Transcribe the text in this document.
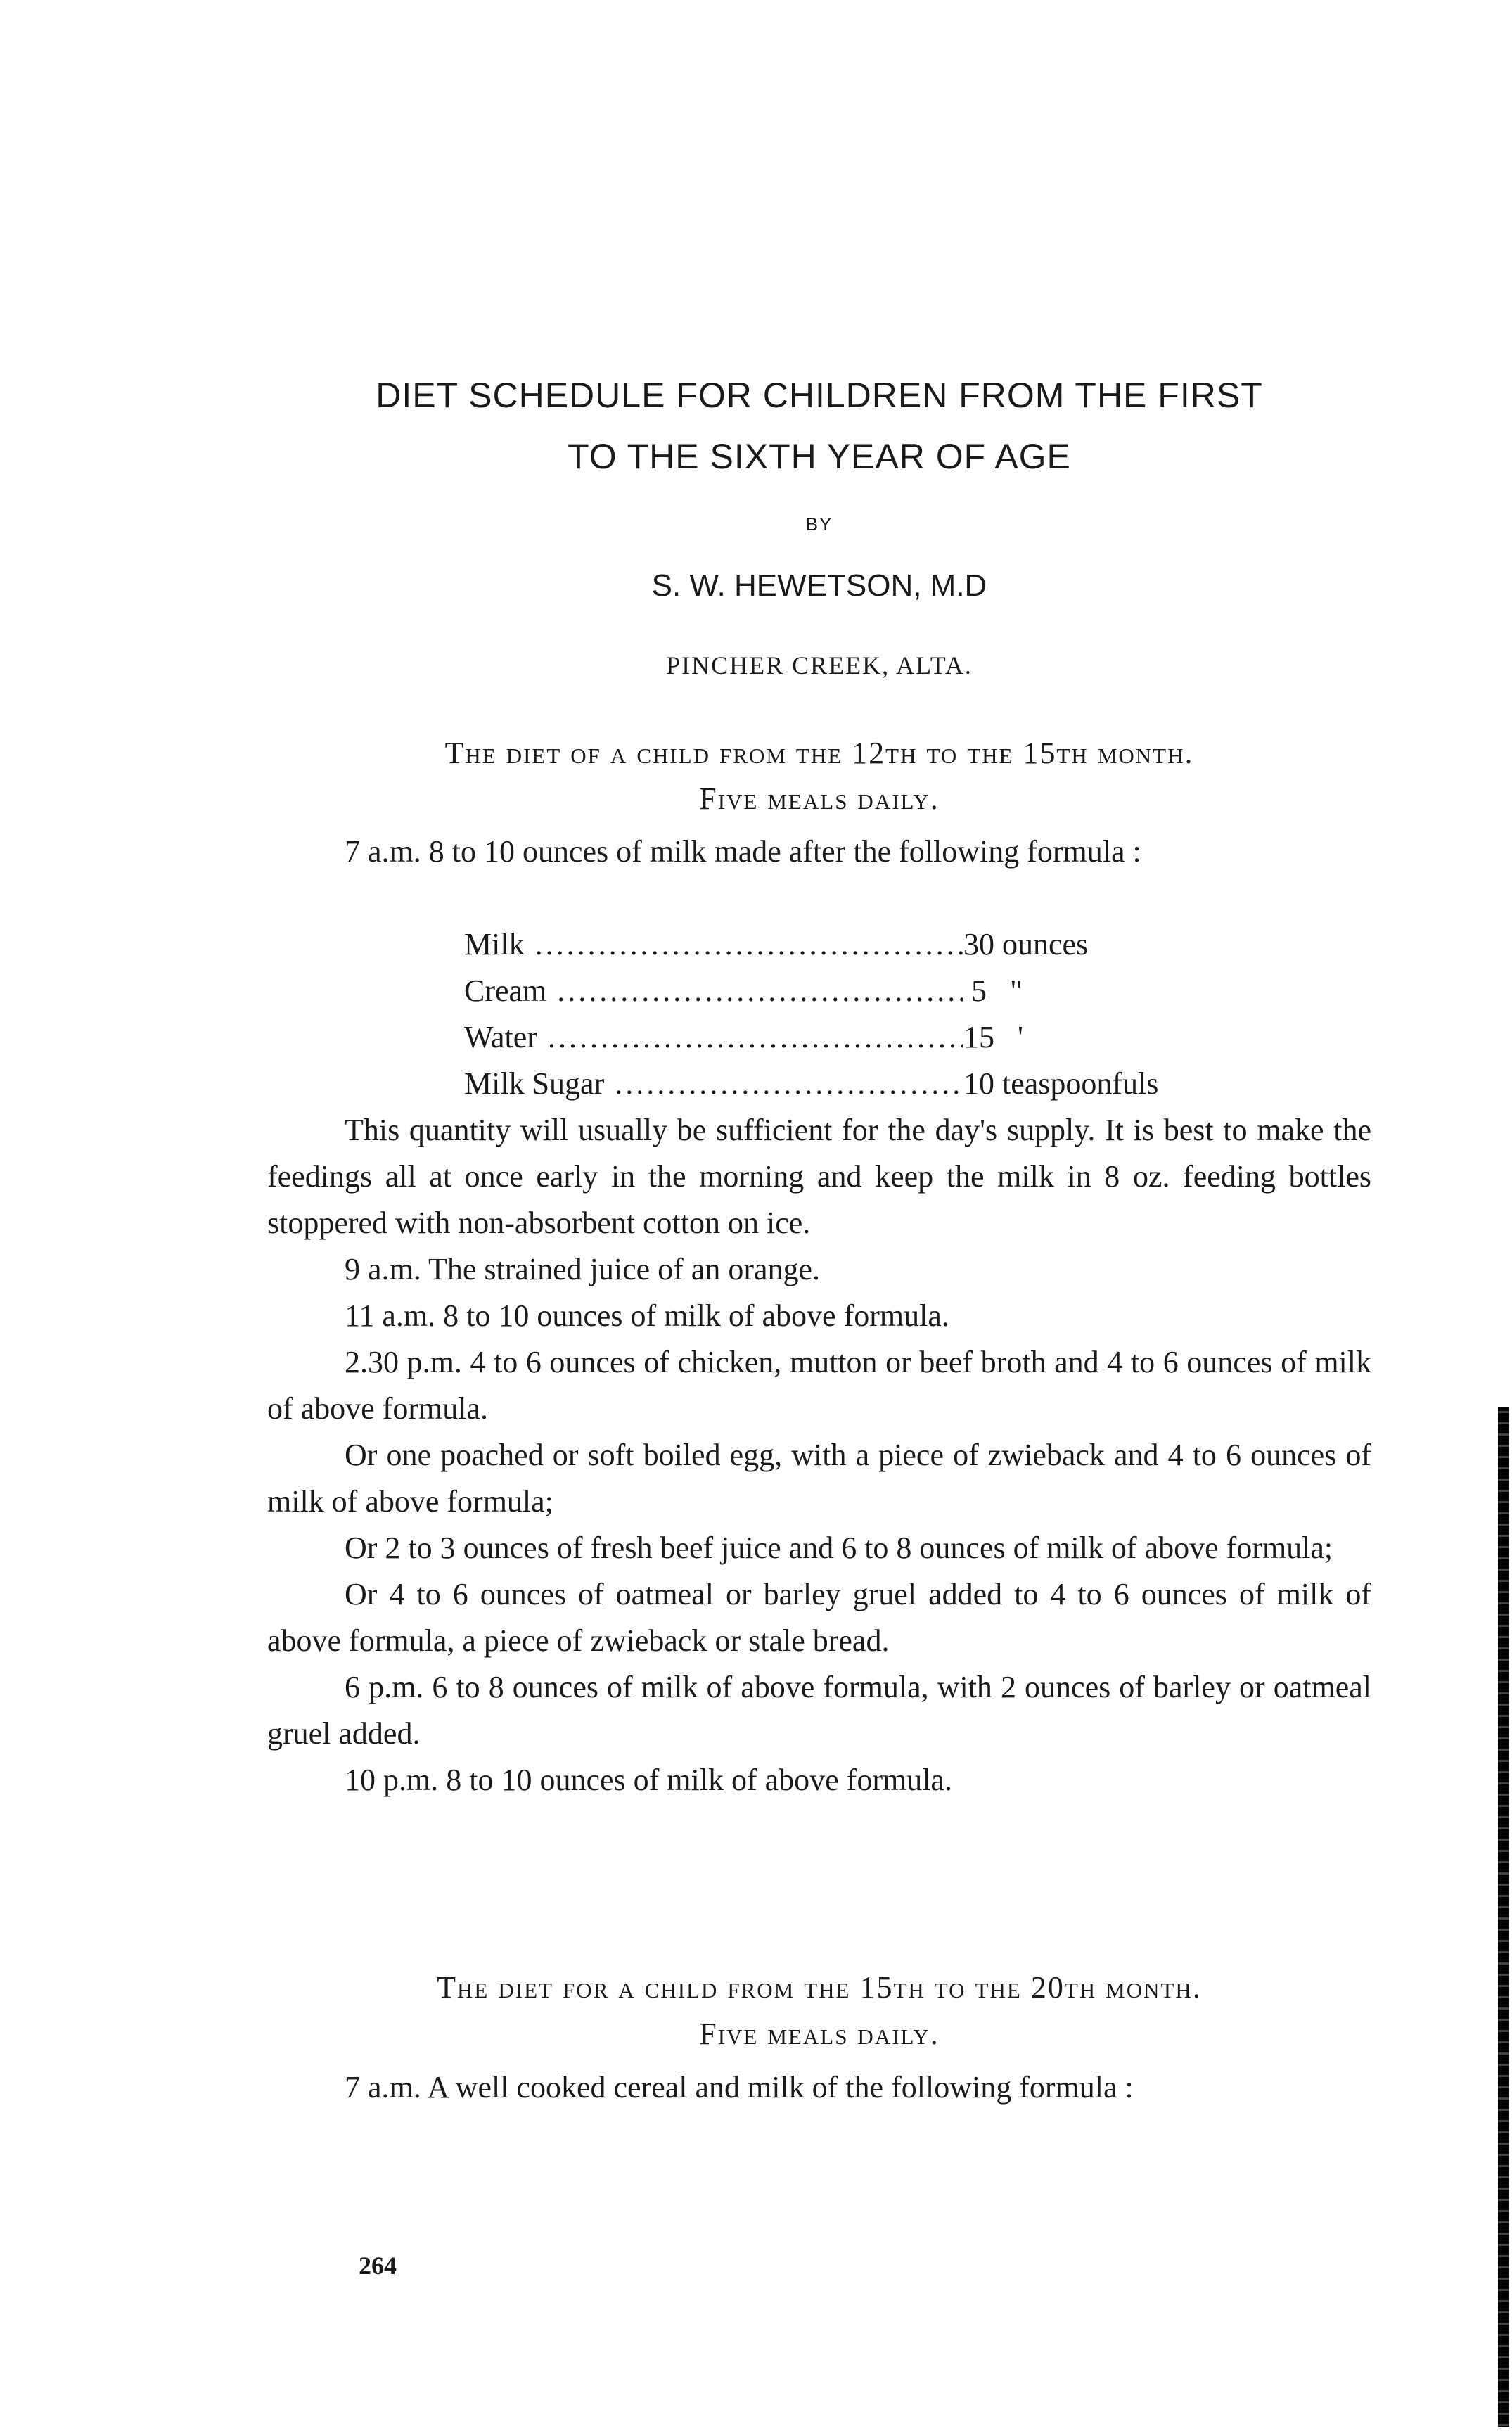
DIET SCHEDULE FOR CHILDREN FROM THE FIRST
TO THE SIXTH YEAR OF AGE
BY
S. W. HEWETSON, M.D
PINCHER CREEK, ALTA.
The diet of a child from the 12th to the 15th month.
Five meals daily.

7 a.m. 8 to 10 ounces of milk made after the following formula :

Milk .....	30 ounces
Cream .....	5   "
Water .....	15   '
Milk Sugar .....	10 teaspoonfuls

This quantity will usually be sufficient for the day's supply. It is best to make the feedings all at once early in the morning and keep the milk in 8 oz. feeding bottles stoppered with non-absorbent cotton on ice.

9 a.m. The strained juice of an orange.

11 a.m. 8 to 10 ounces of milk of above formula.

2.30 p.m. 4 to 6 ounces of chicken, mutton or beef broth and 4 to 6 ounces of milk of above formula.

Or one poached or soft boiled egg, with a piece of zwieback and 4 to 6 ounces of milk of above formula;

Or 2 to 3 ounces of fresh beef juice and 6 to 8 ounces of milk of above formula;

Or 4 to 6 ounces of oatmeal or barley gruel added to 4 to 6 ounces of milk of above formula, a piece of zwieback or stale bread.

6 p.m. 6 to 8 ounces of milk of above formula, with 2 ounces of barley or oatmeal gruel added.

10 p.m. 8 to 10 ounces of milk of above formula.

The diet for a child from the 15th to the 20th month.
Five meals daily.

7 a.m. A well cooked cereal and milk of the following formula :

264
